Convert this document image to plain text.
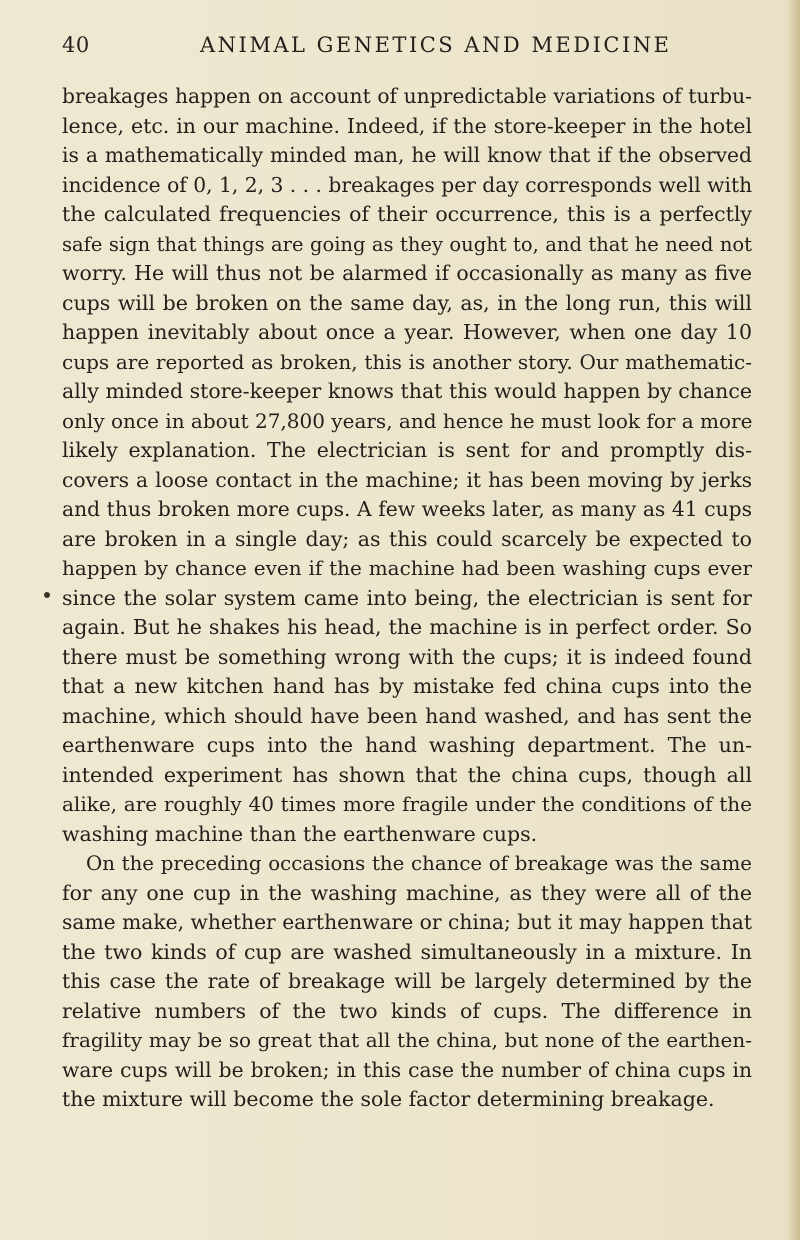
40	ANIMAL GENETICS AND MEDICINE
breakages happen on account of unpredictable variations of turbu-
lence, etc. in our machine. Indeed, if the store-keeper in the hotel
is a mathematically minded man, he will know that if the observed
incidence of 0, 1, 2, 3 . . . breakages per day corresponds well with
the calculated frequencies of their occurrence, this is a perfectly
safe sign that things are going as they ought to, and that he need not
worry. He will thus not be alarmed if occasionally as many as five
cups will be broken on the same day, as, in the long run, this will
happen inevitably about once a year. However, when one day 10
cups are reported as broken, this is another story. Our mathematic-
ally minded store-keeper knows that this would happen by chance
only once in about 27,800 years, and hence he must look for a more
likely explanation. The electrician is sent for and promptly dis-
covers a loose contact in the machine; it has been moving by jerks
and thus broken more cups. A few weeks later, as many as 41 cups
are broken in a single day; as this could scarcely be expected to
happen by chance even if the machine had been washing cups ever
since the solar system came into being, the electrician is sent for
again. But he shakes his head, the machine is in perfect order. So
there must be something wrong with the cups; it is indeed found
that a new kitchen hand has by mistake fed china cups into the
machine, which should have been hand washed, and has sent the
earthenware cups into the hand washing department. The un-
intended experiment has shown that the china cups, though all
alike, are roughly 40 times more fragile under the conditions of the
washing machine than the earthenware cups.
On the preceding occasions the chance of breakage was the same
for any one cup in the washing machine, as they were all of the
same make, whether earthenware or china; but it may happen that
the two kinds of cup are washed simultaneously in a mixture. In
this case the rate of breakage will be largely determined by the
relative numbers of the two kinds of cups. The difference in
fragility may be so great that all the china, but none of the earthen-
ware cups will be broken; in this case the number of china cups in
the mixture will become the sole factor determining breakage.
